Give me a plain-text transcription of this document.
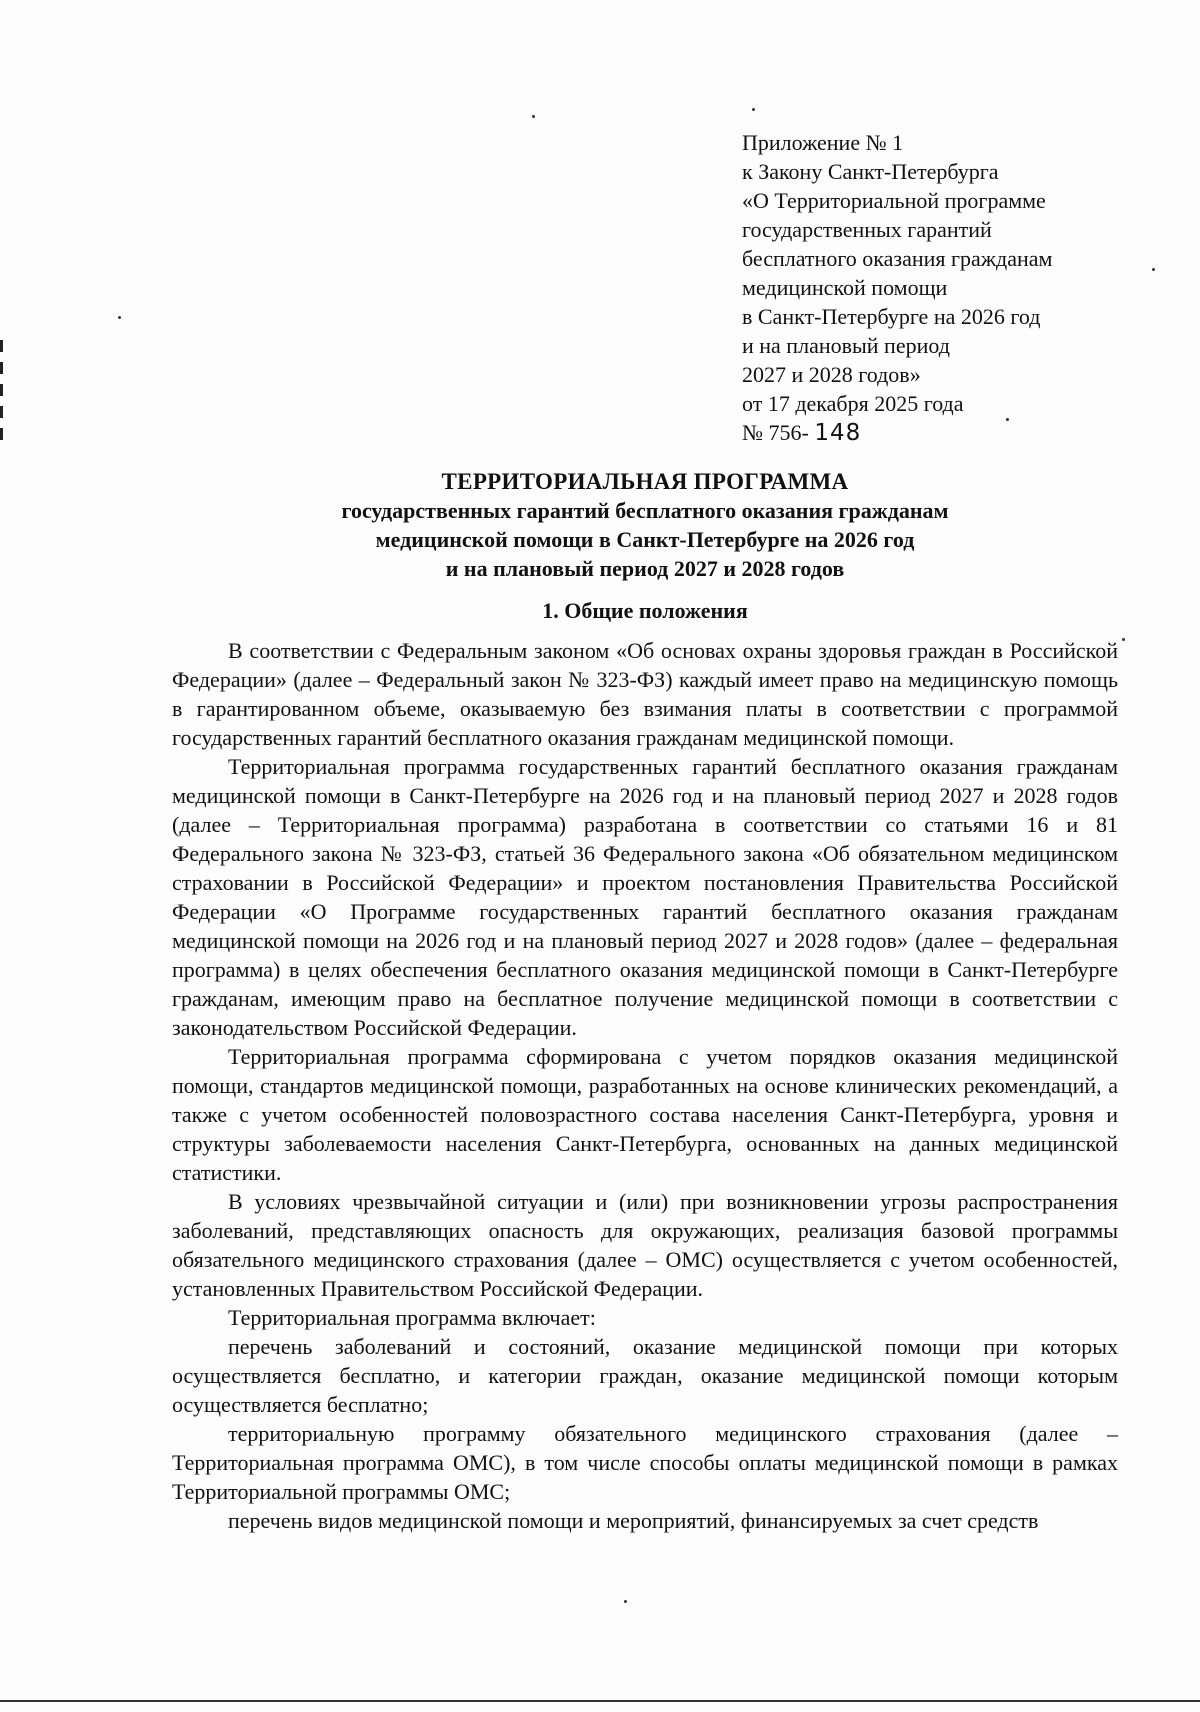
Приложение № 1
к Закону Санкт-Петербурга
«О Территориальной программе
государственных гарантий
бесплатного оказания гражданам
медицинской помощи
в Санкт-Петербурге на 2026 год
и на плановый период
2027 и 2028 годов»
от 17 декабря 2025 года
№ 756- 148
ТЕРРИТОРИАЛЬНАЯ ПРОГРАММА
государственных гарантий бесплатного оказания гражданам
медицинской помощи в Санкт-Петербурге на 2026 год
и на плановый период 2027 и 2028 годов
1. Общие положения

В соответствии с Федеральным законом «Об основах охраны здоровья граждан в Российской Федерации» (далее – Федеральный закон № 323-ФЗ) каждый имеет право на медицинскую помощь в гарантированном объеме, оказываемую без взимания платы в соответствии с программой государственных гарантий бесплатного оказания гражданам медицинской помощи.

Территориальная программа государственных гарантий бесплатного оказания гражданам медицинской помощи в Санкт-Петербурге на 2026 год и на плановый период 2027 и 2028 годов (далее – Территориальная программа) разработана в соответствии со статьями 16 и 81 Федерального закона № 323-ФЗ, статьей 36 Федерального закона «Об обязательном медицинском страховании в Российской Федерации» и проектом постановления Правительства Российской Федерации «О Программе государственных гарантий бесплатного оказания гражданам медицинской помощи на 2026 год и на плановый период 2027 и 2028 годов» (далее – федеральная программа) в целях обеспечения бесплатного оказания медицинской помощи в Санкт-Петербурге гражданам, имеющим право на бесплатное получение медицинской помощи в соответствии с законодательством Российской Федерации.

Территориальная программа сформирована с учетом порядков оказания медицинской помощи, стандартов медицинской помощи, разработанных на основе клинических рекомендаций, а также с учетом особенностей половозрастного состава населения Санкт-Петербурга, уровня и структуры заболеваемости населения Санкт-Петербурга, основанных на данных медицинской статистики.

В условиях чрезвычайной ситуации и (или) при возникновении угрозы распространения заболеваний, представляющих опасность для окружающих, реализация базовой программы обязательного медицинского страхования (далее – ОМС) осуществляется с учетом особенностей, установленных Правительством Российской Федерации.

Территориальная программа включает:

перечень заболеваний и состояний, оказание медицинской помощи при которых осуществляется бесплатно, и категории граждан, оказание медицинской помощи которым осуществляется бесплатно;

территориальную программу обязательного медицинского страхования (далее – Территориальная программа ОМС), в том числе способы оплаты медицинской помощи в рамках Территориальной программы ОМС;

перечень видов медицинской помощи и мероприятий, финансируемых за счет средств
